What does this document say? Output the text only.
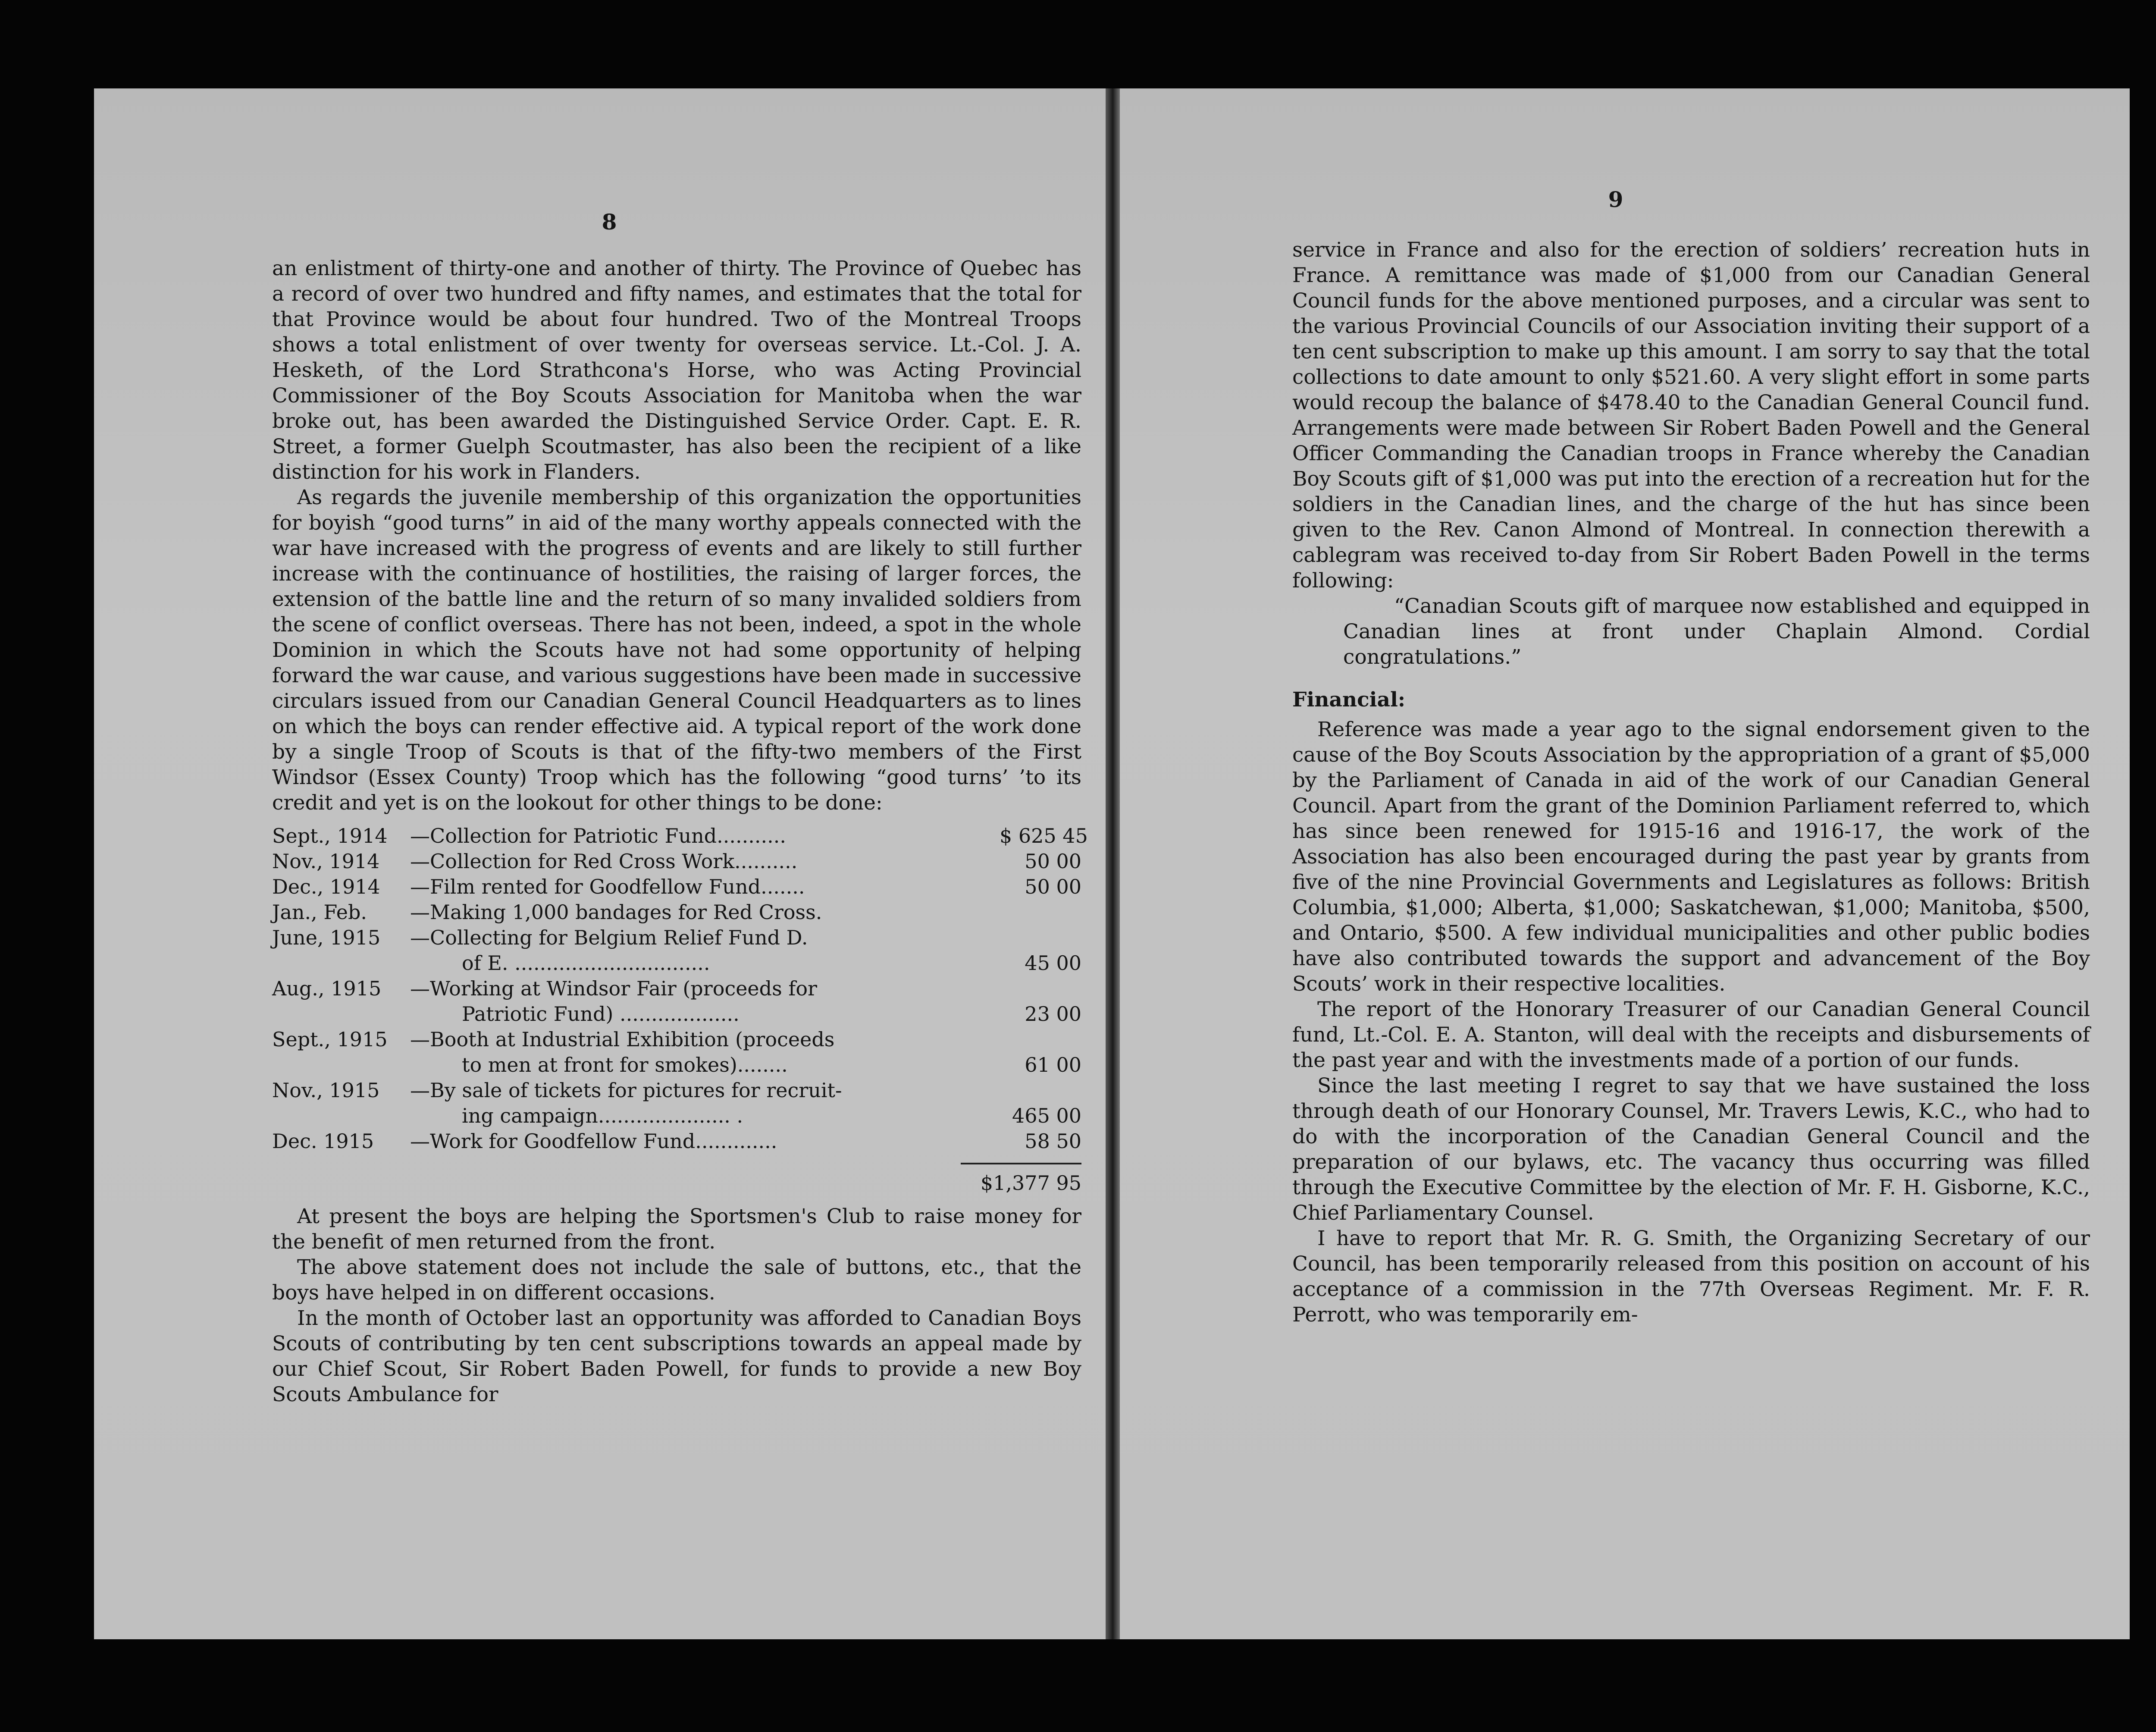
8

an enlistment of thirty-one and another of thirty. The Province of Quebec has a record of over two hundred and fifty names, and estimates that the total for that Province would be about four hundred. Two of the Montreal Troops shows a total enlistment of over twenty for overseas service. Lt.-Col. J. A. Hesketh, of the Lord Strathcona's Horse, who was Acting Provincial Commissioner of the Boy Scouts Association for Manitoba when the war broke out, has been awarded the Distinguished Service Order. Capt. E. R. Street, a former Guelph Scoutmaster, has also been the recipient of a like distinction for his work in Flanders.

As regards the juvenile membership of this organization the opportunities for boyish “good turns” in aid of the many worthy appeals connected with the war have increased with the progress of events and are likely to still further increase with the continuance of hostilities, the raising of larger forces, the extension of the battle line and the return of so many invalided soldiers from the scene of conflict overseas. There has not been, indeed, a spot in the whole Dominion in which the Scouts have not had some opportunity of helping forward the war cause, and various suggestions have been made in successive circulars issued from our Canadian General Council Headquarters as to lines on which the boys can render effective aid. A typical report of the work done by a single Troop of Scouts is that of the fifty-two members of the First Windsor (Essex County) Troop which has the following “good turns’ ’to its credit and yet is on the lookout for other things to be done:

Sept., 1914	—Collection for Patriotic Fund...........	$ 625 45
Nov., 1914	—Collection for Red Cross Work..........	50 00
Dec., 1914	—Film rented for Goodfellow Fund.......	50 00
Jan., Feb.	—Making 1,000 bandages for Red Cross.
June, 1915	—Collecting for Belgium Relief Fund D.
of E. ...............................	45 00
Aug., 1915	—Working at Windsor Fair (proceeds for
Patriotic Fund) ...................	23 00
Sept., 1915	—Booth at Industrial Exhibition (proceeds
to men at front for smokes)........	61 00
Nov., 1915	—By sale of tickets for pictures for recruit-
ing campaign..................... .	465 00
Dec. 1915	—Work for Goodfellow Fund.............	58 50
$1,377 95

At present the boys are helping the Sportsmen's Club to raise money for the benefit of men returned from the front.

The above statement does not include the sale of buttons, etc., that the boys have helped in on different occasions.

In the month of October last an opportunity was afforded to Canadian Boys Scouts of contributing by ten cent subscriptions towards an appeal made by our Chief Scout, Sir Robert Baden Powell, for funds to provide a new Boy Scouts Ambulance for

9

service in France and also for the erection of soldiers’ recreation huts in France. A remittance was made of $1,000 from our Canadian General Council funds for the above mentioned purposes, and a circular was sent to the various Provincial Councils of our Association inviting their support of a ten cent subscription to make up this amount. I am sorry to say that the total collections to date amount to only $521.60. A very slight effort in some parts would recoup the balance of $478.40 to the Canadian General Council fund. Arrangements were made between Sir Robert Baden Powell and the General Officer Commanding the Canadian troops in France whereby the Canadian Boy Scouts gift of $1,000 was put into the erection of a recreation hut for the soldiers in the Canadian lines, and the charge of the hut has since been given to the Rev. Canon Almond of Montreal. In connection therewith a cablegram was received to-day from Sir Robert Baden Powell in the terms following:

“Canadian Scouts gift of marquee now established and equipped in Canadian lines at front under Chaplain Almond. Cordial congratulations.”

Financial:

Reference was made a year ago to the signal endorsement given to the cause of the Boy Scouts Association by the appropriation of a grant of $5,000 by the Parliament of Canada in aid of the work of our Canadian General Council. Apart from the grant of the Dominion Parliament referred to, which has since been renewed for 1915-16 and 1916-17, the work of the Association has also been encouraged during the past year by grants from five of the nine Provincial Governments and Legislatures as follows: British Columbia, $1,000; Alberta, $1,000; Saskatchewan, $1,000; Manitoba, $500, and Ontario, $500. A few individual municipalities and other public bodies have also contributed towards the support and advancement of the Boy Scouts’ work in their respective localities.

The report of the Honorary Treasurer of our Canadian General Council fund, Lt.-Col. E. A. Stanton, will deal with the receipts and disbursements of the past year and with the investments made of a portion of our funds.

Since the last meeting I regret to say that we have sustained the loss through death of our Honorary Counsel, Mr. Travers Lewis, K.C., who had to do with the incorporation of the Canadian General Council and the preparation of our bylaws, etc. The vacancy thus occurring was filled through the Executive Committee by the election of Mr. F. H. Gisborne, K.C., Chief Parliamentary Counsel.

I have to report that Mr. R. G. Smith, the Organizing Secretary of our Council, has been temporarily released from this position on account of his acceptance of a commission in the 77th Overseas Regiment. Mr. F. R. Perrott, who was temporarily em-
